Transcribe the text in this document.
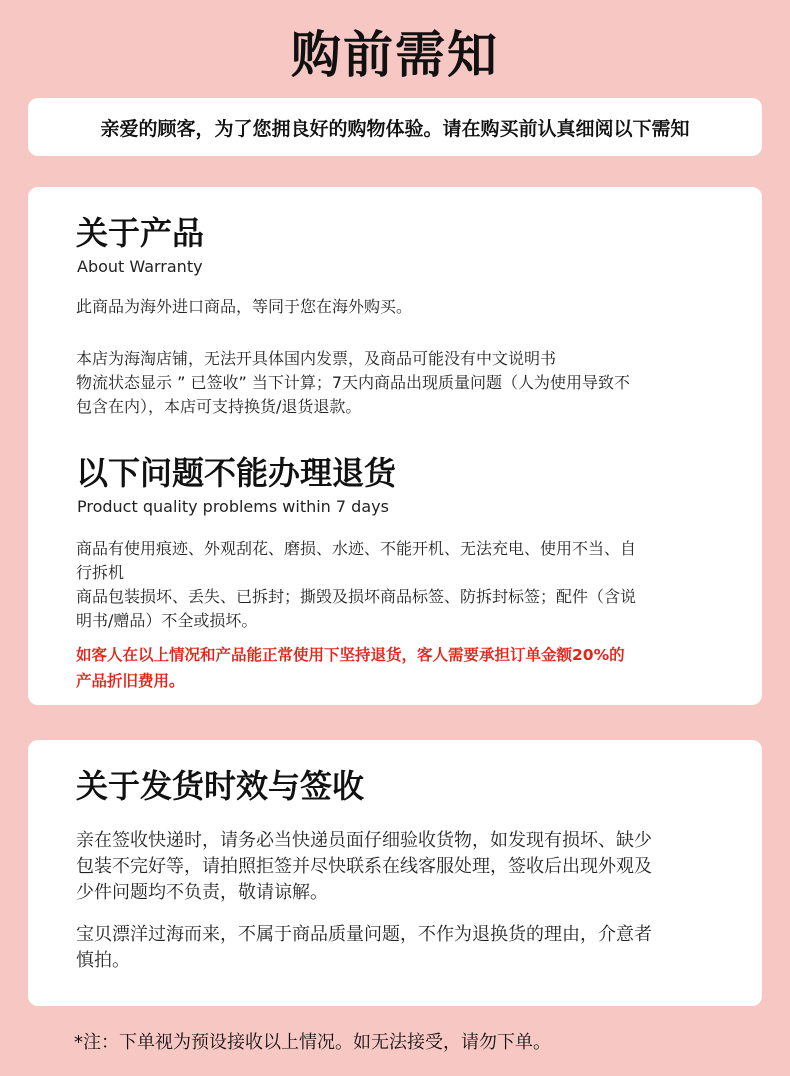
购前需知
亲爱的顾客，为了您拥良好的购物体验。请在购买前认真细阅以下需知
关于产品
About Warranty

此商品为海外进口商品，等同于您在海外购买。

本店为海淘店铺，无法开具体国内发票，及商品可能没有中文说明书

物流状态显示 ” 已签收” 当下计算；7天内商品出现质量问题（人为使用导致不

包含在内），本店可支持换货/退货退款。

以下问题不能办理退货
Product quality problems within 7 days

商品有使用痕迹、外观刮花、磨损、水迹、不能开机、无法充电、使用不当、自

行拆机

商品包装损坏、丢失、已拆封；撕毁及损坏商品标签、防拆封标签；配件（含说

明书/赠品）不全或损坏。

如客人在以上情况和产品能正常使用下坚持退货，客人需要承担订单金额20%的

产品折旧费用。

关于发货时效与签收

亲在签收快递时，请务必当快递员面仔细验收货物，如发现有损坏、缺少

包装不完好等，请拍照拒签并尽快联系在线客服处理，签收后出现外观及

少件问题均不负责，敬请谅解。

宝贝漂洋过海而来，不属于商品质量问题，不作为退换货的理由，介意者

慎拍。

*注：下单视为预设接收以上情况。如无法接受，请勿下单。
